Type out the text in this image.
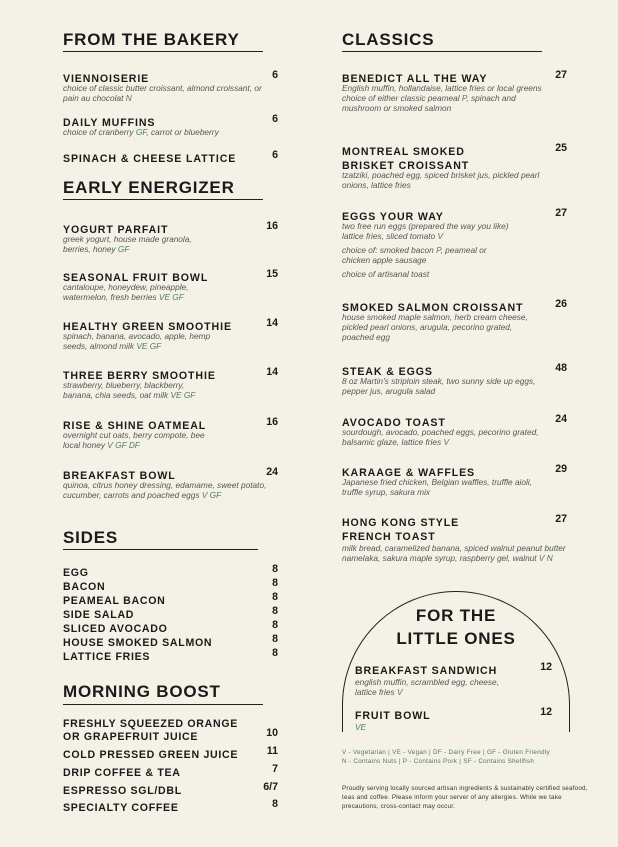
FROM THE BAKERY
VIENNOISERIE	6
choice of classic butter croissant, almond croissant, or pain au chocolat N
DAILY MUFFINS	6
choice of cranberry GF, carrot or blueberry
SPINACH & CHEESE LATTICE	6
EARLY ENERGIZER
YOGURT PARFAIT	16
greek yogurt, house made granola, berries, honey GF
SEASONAL FRUIT BOWL	15
cantaloupe, honeydew, pineapple, watermelon, fresh berries VE GF
HEALTHY GREEN SMOOTHIE	14
spinach, banana, avocado, apple, hemp seeds, almond milk VE GF
THREE BERRY SMOOTHIE	14
strawberry, blueberry, blackberry, banana, chia seeds, oat milk VE GF
RISE & SHINE OATMEAL	16
overnight cut oats, berry compote, bee local honey V GF DF
BREAKFAST BOWL	24
quinoa, citrus honey dressing, edamame, sweet potato, cucumber, carrots and poached eggs V GF
SIDES
EGG	8
BACON	8
PEAMEAL BACON	8
SIDE SALAD	8
SLICED AVOCADO	8
HOUSE SMOKED SALMON	8
LATTICE FRIES	8
MORNING BOOST
FRESHLY SQUEEZED ORANGE
OR GRAPEFRUIT JUICE	10
COLD PRESSED GREEN JUICE	11
DRIP COFFEE & TEA	7
ESPRESSO SGL/DBL	6/7
SPECIALTY COFFEE	8
CLASSICS
BENEDICT ALL THE WAY	27
English muffin, hollandaise, lattice fries or local greens
choice of either classic peameal P, spinach and mushroom or smoked salmon
MONTREAL SMOKED	25
BRISKET CROISSANT
tzatziki, poached egg, spiced brisket jus, pickled pearl onions, lattice fries
EGGS YOUR WAY	27
two free run eggs (prepared the way you like) lattice fries, sliced tomato V
choice of: smoked bacon P, peameal or chicken apple sausage
choice of artisanal toast
SMOKED SALMON CROISSANT	26
house smoked maple salmon, herb cream cheese, pickled pearl onions, arugula, pecorino grated, poached egg
STEAK & EGGS	48
8 oz Martin's striploin steak, two sunny side up eggs, pepper jus, arugula salad
AVOCADO TOAST	24
sourdough, avocado, poached eggs, pecorino grated, balsamic glaze, lattice fries V
KARAAGE & WAFFLES	29
Japanese fried chicken, Belgian waffles, truffle aioli, truffle syrup, sakura mix
HONG KONG STYLE	27
FRENCH TOAST
milk bread, caramelized banana, spiced walnut peanut butter namelaka, sakura maple syrup, raspberry gel, walnut V N
FOR THE
LITTLE ONES
BREAKFAST SANDWICH	12
english muffin, scrambled egg, cheese, lattice fries V
FRUIT BOWL	12
VE
V - Vegetarian | VE - Vegan | DF - Dairy Free | GF - Gluten Friendly
N - Contains Nuts | P - Contains Pork | SF - Contains Shellfish
Proudly serving locally sourced artisan ingredients & sustainably certified seafood, teas and coffee. Please inform your server of any allergies. While we take precautions, cross-contact may occur.
